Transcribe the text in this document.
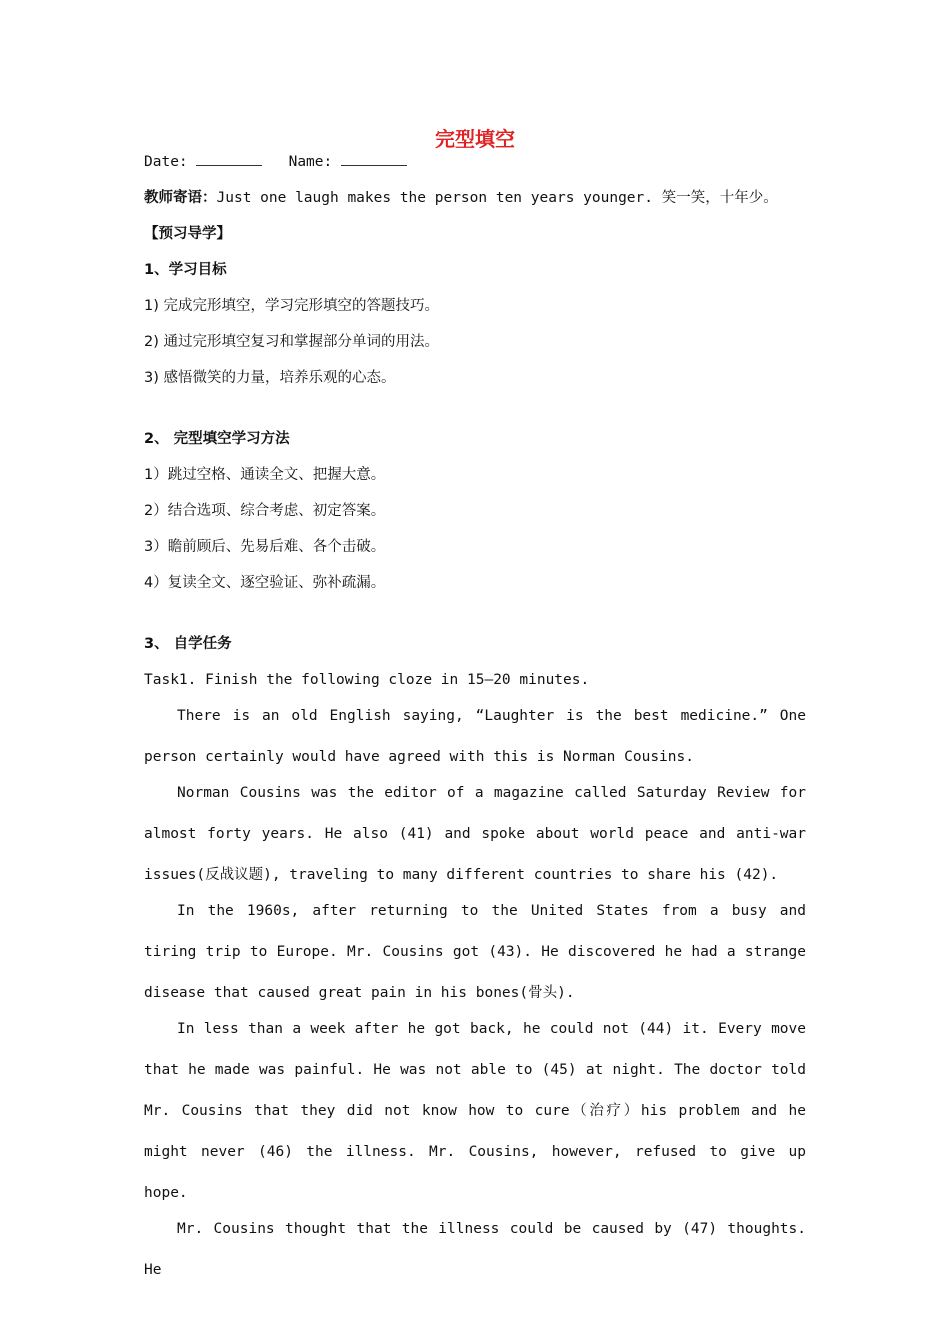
完型填空
Date:	Name:
教师寄语：Just one laugh makes the person ten years younger. 笑一笑，十年少。
【预习导学】
1、学习目标
1) 完成完形填空，学习完形填空的答题技巧。
2) 通过完形填空复习和掌握部分单词的用法。
3) 感悟微笑的力量，培养乐观的心态。
2、 完型填空学习方法
1）跳过空格、通读全文、把握大意。
2）结合选项、综合考虑、初定答案。
3）瞻前顾后、先易后难、各个击破。
4）复读全文、逐空验证、弥补疏漏。
3、 自学任务
Task1. Finish the following cloze in 15—20 minutes.

There is an old English saying, “Laughter is the best medicine.” One person certainly would have agreed with this is Norman Cousins.

Norman Cousins was the editor of a magazine called Saturday Review for almost forty years. He also (41) and spoke about world peace and anti-war issues(反战议题), traveling to many different countries to share his (42).

In the 1960s, after returning to the United States from a busy and tiring trip to Europe. Mr. Cousins got (43). He discovered he had a strange disease that caused great pain in his bones(骨头).

In less than a week after he got back, he could not (44) it. Every move that he made was painful. He was not able to (45) at night. The doctor told Mr. Cousins that they did not know how to cure（治疗）his problem and he might never (46) the illness. Mr. Cousins, however, refused to give up hope.

Mr. Cousins thought that the illness could be caused by (47) thoughts. He
